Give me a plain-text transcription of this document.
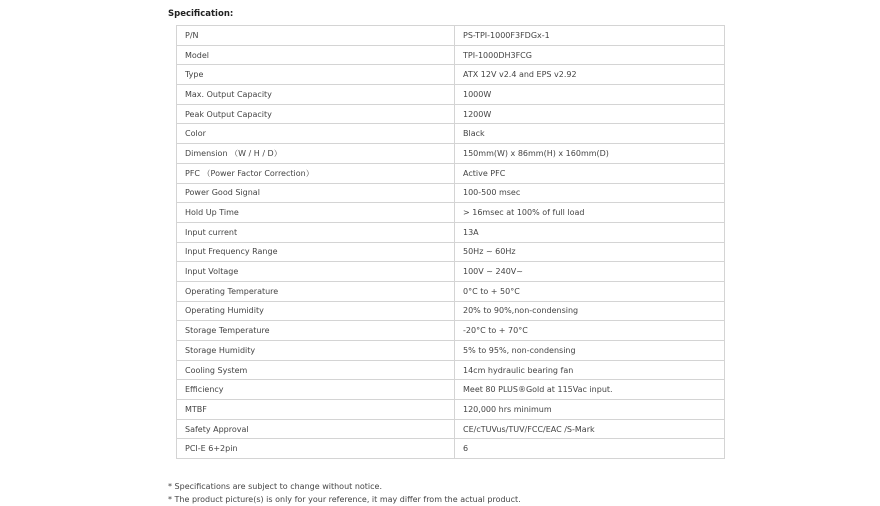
Specification:
P/N	PS-TPI-1000F3FDGx-1
Model	TPI-1000DH3FCG
Type	ATX 12V v2.4 and EPS v2.92
Max. Output Capacity	1000W
Peak Output Capacity	1200W
Color	Black
Dimension （W / H / D）	150mm(W) x 86mm(H) x 160mm(D)
PFC （Power Factor Correction）	Active PFC
Power Good Signal	100-500 msec
Hold Up Time	> 16msec at 100% of full load
Input current	13A
Input Frequency Range	50Hz ~ 60Hz
Input Voltage	100V ~ 240V~
Operating Temperature	0°C to + 50°C
Operating Humidity	20% to 90%,non-condensing
Storage Temperature	-20°C to + 70°C
Storage Humidity	5% to 95%, non-condensing
Cooling System	14cm hydraulic bearing fan
Efficiency	Meet 80 PLUS®Gold at 115Vac input.
MTBF	120,000 hrs minimum
Safety Approval	CE/cTUVus/TUV/FCC/EAC /S-Mark
PCI-E 6+2pin	6
* Specifications are subject to change without notice.
* The product picture(s) is only for your reference, it may differ from the actual product.
